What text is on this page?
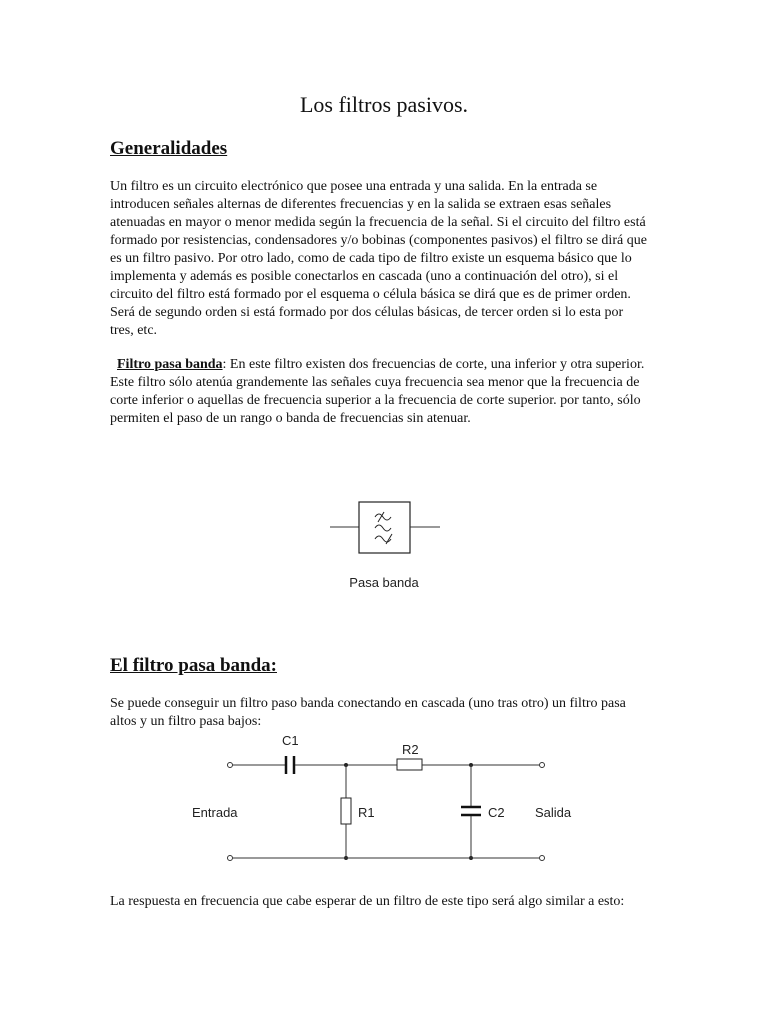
Los filtros pasivos.
Generalidades

Un filtro es un circuito electrónico que posee una entrada y una salida. En la entrada se introducen señales alternas de diferentes frecuencias y en la salida se extraen esas señales atenuadas en mayor o menor medida según la frecuencia de la señal. Si el circuito del filtro está formado por resistencias, condensadores y/o bobinas (componentes pasivos) el filtro se dirá que es un filtro pasivo. Por otro lado, como de cada tipo de filtro existe un esquema básico que lo implementa y además es posible conectarlos en cascada (uno a continuación del otro), si el circuito del filtro está formado por el esquema o célula básica se dirá que es de primer orden. Será de segundo orden si está formado por dos células básicas, de tercer orden si lo esta por tres, etc.

Filtro pasa banda: En este filtro existen dos frecuencias de corte, una inferior y otra superior. Este filtro sólo atenúa grandemente las señales cuya frecuencia sea menor que la frecuencia de corte inferior o aquellas de frecuencia superior a la frecuencia de corte superior. por tanto, sólo permiten el paso de un rango o banda de frecuencias sin atenuar.

Pasa banda
El filtro pasa banda:

Se puede conseguir un filtro paso banda conectando en cascada (uno tras otro) un filtro pasa altos y un filtro pasa bajos:

C1
R2
R1	C2
Entrada	Salida

La respuesta en frecuencia que cabe esperar de un filtro de este tipo será algo similar a esto:
